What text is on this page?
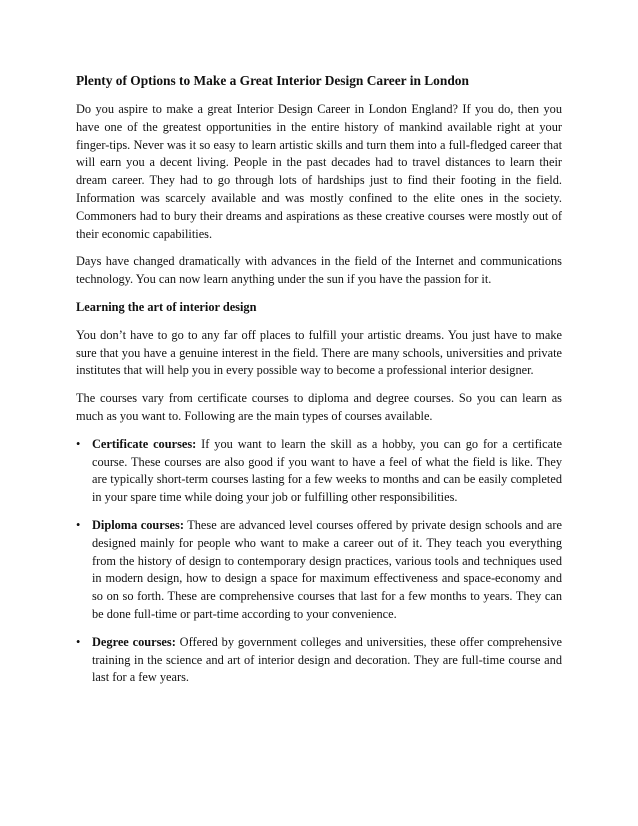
Plenty of Options to Make a Great Interior Design Career in London

Do you aspire to make a great Interior Design Career in London England? If you do, then you have one of the greatest opportunities in the entire history of mankind available right at your finger-tips. Never was it so easy to learn artistic skills and turn them into a full-fledged career that will earn you a decent living. People in the past decades had to travel distances to learn their dream career. They had to go through lots of hardships just to find their footing in the field. Information was scarcely available and was mostly confined to the elite ones in the society. Commoners had to bury their dreams and aspirations as these creative courses were mostly out of their economic capabilities.

Days have changed dramatically with advances in the field of the Internet and communications technology. You can now learn anything under the sun if you have the passion for it.

Learning the art of interior design

You don’t have to go to any far off places to fulfill your artistic dreams. You just have to make sure that you have a genuine interest in the field. There are many schools, universities and private institutes that will help you in every possible way to become a professional interior designer.

The courses vary from certificate courses to diploma and degree courses. So you can learn as much as you want to. Following are the main types of courses available.

• Certificate courses: If you want to learn the skill as a hobby, you can go for a certificate course. These courses are also good if you want to have a feel of what the field is like. They are typically short-term courses lasting for a few weeks to months and can be easily completed in your spare time while doing your job or fulfilling other responsibilities.
• Diploma courses: These are advanced level courses offered by private design schools and are designed mainly for people who want to make a career out of it. They teach you everything from the history of design to contemporary design practices, various tools and techniques used in modern design, how to design a space for maximum effectiveness and space-economy and so on so forth. These are comprehensive courses that last for a few months to years. They can be done full-time or part-time according to your convenience.
• Degree courses: Offered by government colleges and universities, these offer comprehensive training in the science and art of interior design and decoration. They are full-time course and last for a few years.
